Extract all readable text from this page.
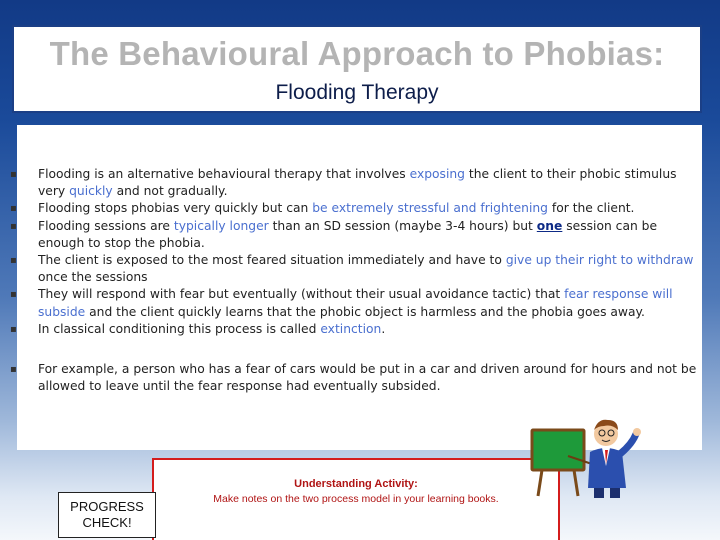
The Behavioural Approach to Phobias:
Flooding Therapy
▪ Flooding is an alternative behavioural therapy that involves exposing the client to their phobic stimulus very quickly and not gradually.
▪ Flooding stops phobias very quickly but can be extremely stressful and frightening for the client.
▪ Flooding sessions are typically longer than an SD session (maybe 3-4 hours) but one session can be enough to stop the phobia.
▪ The client is exposed to the most feared situation immediately and have to give up their right to withdraw once the sessions
▪ They will respond with fear but eventually (without their usual avoidance tactic) that fear response will subside and the client quickly learns that the phobic object is harmless and the phobia goes away.
▪ In classical conditioning this process is called extinction.
▪ For example, a person who has a fear of cars would be put in a car and driven around for hours and not be allowed to leave until the fear response had eventually subsided.
Understanding Activity:
Make notes on the two process model in your learning books.
PROGRESS
CHECK!
